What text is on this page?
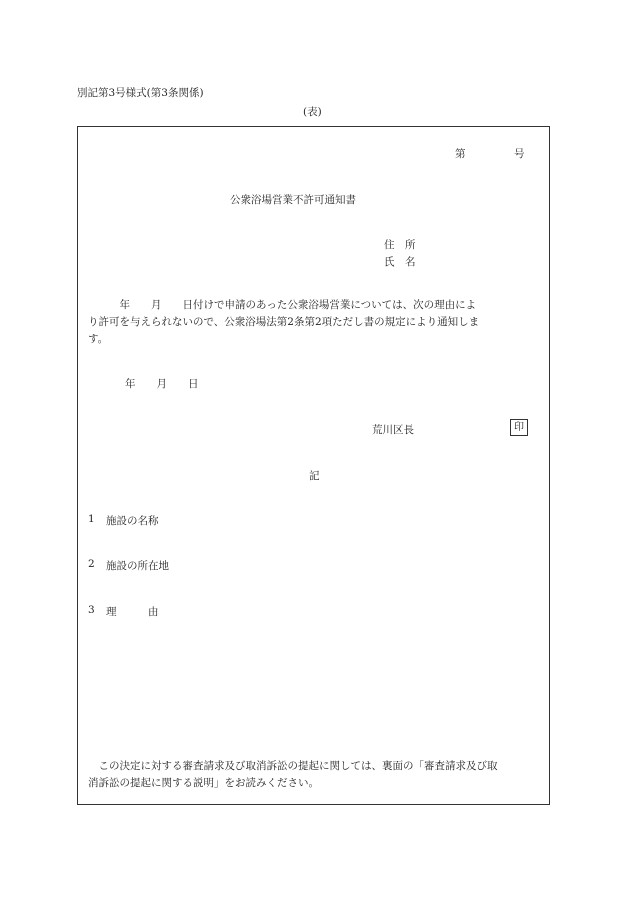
別記第3号様式(第3条関係)
(表)
第	号
公衆浴場営業不許可通知書
住　所
氏　名
　　　年　　月　　日付けで申請のあった公衆浴場営業については、次の理由によ
り許可を与えられないので、公衆浴場法第2条第2項ただし書の規定により通知しま
す。
年　　月　　日
荒川区長	印
記
1 施設の名称
2 施設の所在地
3 理　　　由
　この決定に対する審査請求及び取消訴訟の提起に関しては、裏面の「審査請求及び取
消訴訟の提起に関する説明」をお読みください。
